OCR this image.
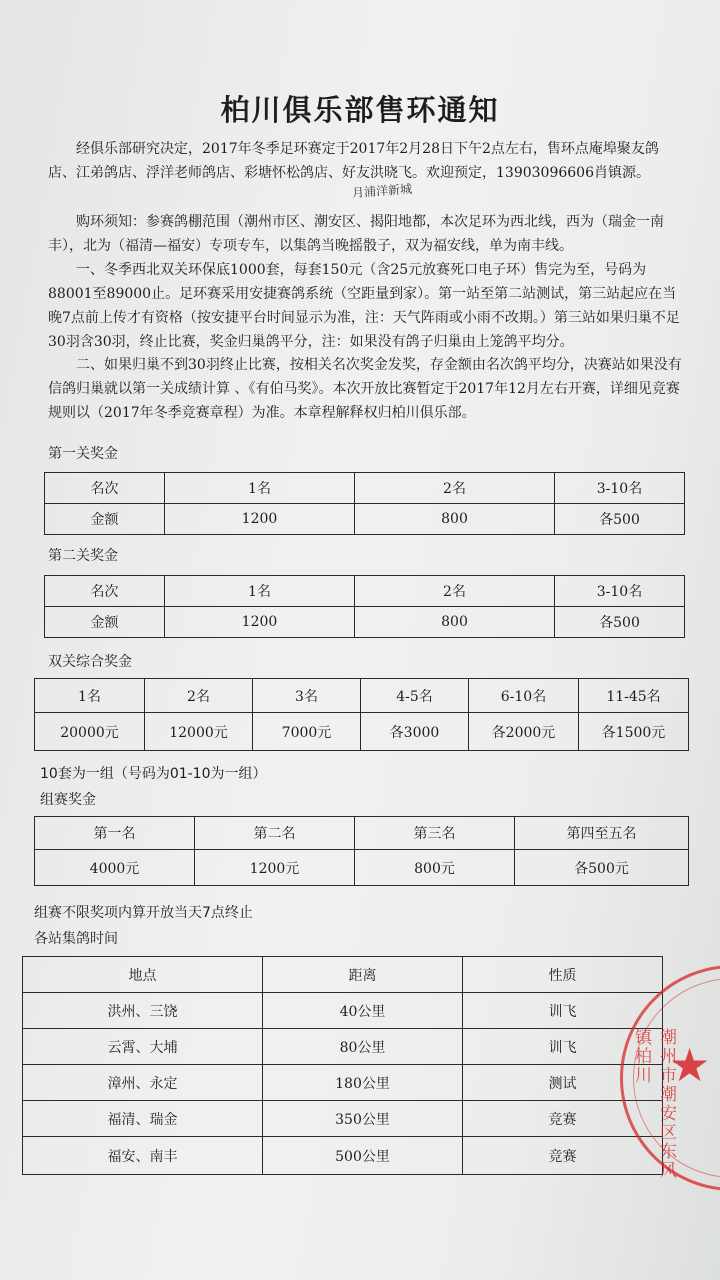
柏川俱乐部售环通知
经俱乐部研究决定，2017年冬季足环赛定于2017年2月28日下午2点左右，售环点庵埠聚友鸽店、江弟鸽店、浮洋老师鸽店、彩塘怀松鸽店、好友洪晓飞。欢迎预定，13903096606肖镇源。
月浦洋新城
购环须知：参赛鸽棚范围（潮州市区、潮安区、揭阳地都，本次足环为西北线，西为（瑞金一南丰），北为（福清—福安）专项专车，以集鸽当晚摇骰子，双为福安线，单为南丰线。
一、冬季西北双关环保底1000套，每套150元（含25元放赛死口电子环）售完为至，号码为88001至89000止。足环赛采用安捷赛鸽系统（空距量到家）。第一站至第二站测试，第三站起应在当晚7点前上传才有资格（按安捷平台时间显示为准，注：天气阵雨或小雨不改期。）第三站如果归巢不足30羽含30羽，终止比赛，奖金归巢鸽平分，注：如果没有鸽子归巢由上笼鸽平均分。
二、如果归巢不到30羽终止比赛，按相关名次奖金发奖，存金额由名次鸽平均分，决赛站如果没有信鸽归巢就以第一关成绩计算 、《有伯马奖》。本次开放比赛暂定于2017年12月左右开赛，详细见竞赛规则以（2017年冬季竞赛章程）为准。本章程解释权归柏川俱乐部。
第一关奖金
名次	1名	2名	3-10名
金额	1200	800	各500
第二关奖金
名次	1名	2名	3-10名
金额	1200	800	各500
双关综合奖金
1名	2名	3名	4-5名	6-10名	11-45名
20000元	12000元	7000元	各3000	各2000元	各1500元
10套为一组（号码为01-10为一组）
组赛奖金
第一名	第二名	第三名	第四至五名
4000元	1200元	800元	各500元
组赛不限奖项内算开放当天7点终止
各站集鸽时间
地点	距离	性质
洪州、三饶	40公里	训飞
云霄、大埔	80公里	训飞
漳州、永定	180公里	测试
福清、瑞金	350公里	竞赛
福安、南丰	500公里	竞赛	潮州市潮安区东风镇柏川 ★
